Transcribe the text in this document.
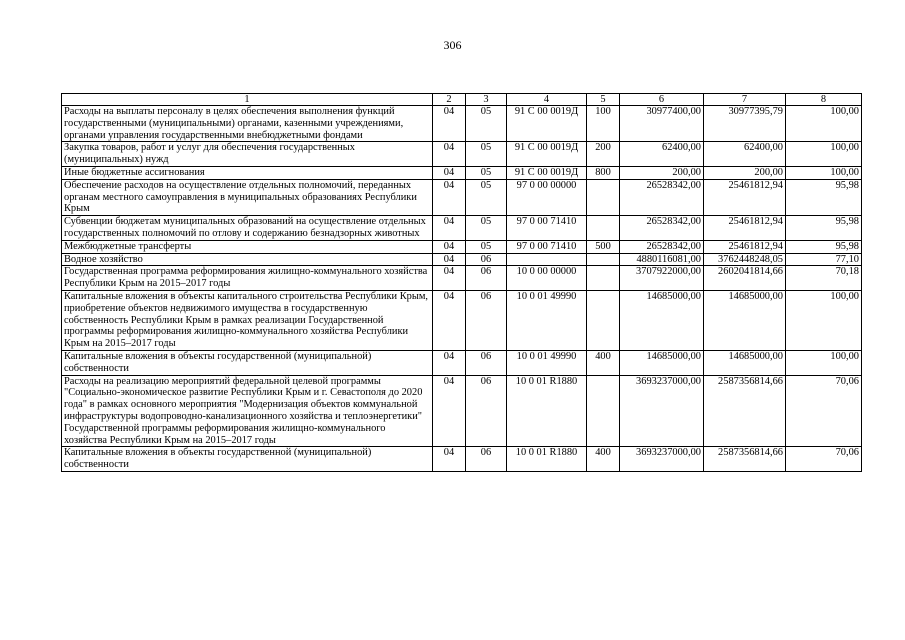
306
1	2	3	4	5	6	7	8
Расходы на выплаты персоналу в целях обеспечения выполнения функций государственными (муниципальными) органами, казенными учреждениями, органами управления государственными внебюджетными фондами	04	05	91 С 00 0019Д	100	30977400,00	30977395,79	100,00
Закупка товаров, работ и услуг для обеспечения государственных (муниципальных) нужд	04	05	91 С 00 0019Д	200	62400,00	62400,00	100,00
Иные бюджетные ассигнования	04	05	91 С 00 0019Д	800	200,00	200,00	100,00
Обеспечение расходов на осуществление отдельных полномочий, переданных органам местного самоуправления в муниципальных образованиях Республики Крым	04	05	97 0 00 00000		26528342,00	25461812,94	95,98
Субвенции бюджетам муниципальных образований на осуществление отдельных государственных полномочий по отлову и содержанию безнадзорных животных	04	05	97 0 00 71410		26528342,00	25461812,94	95,98
Межбюджетные трансферты	04	05	97 0 00 71410	500	26528342,00	25461812,94	95,98
Водное хозяйство	04	06			4880116081,00	3762448248,05	77,10
Государственная программа реформирования жилищно-коммунального хозяйства Республики Крым на 2015–2017 годы	04	06	10 0 00 00000		3707922000,00	2602041814,66	70,18
Капитальные вложения в объекты капитального строительства Республики Крым, приобретение объектов недвижимого имущества в государственную собственность Республики Крым в рамках реализации Государственной программы реформирования жилищно-коммунального хозяйства Республики Крым на 2015–2017 годы	04	06	10 0 01 49990		14685000,00	14685000,00	100,00
Капитальные вложения в объекты государственной (муниципальной) собственности	04	06	10 0 01 49990	400	14685000,00	14685000,00	100,00
Расходы на реализацию мероприятий федеральной целевой программы "Социально-экономическое развитие Республики Крым и г. Севастополя до 2020 года" в рамках основного мероприятия "Модернизация объектов коммунальной инфраструктуры водопроводно-канализационного хозяйства и теплоэнергетики" Государственной программы реформирования жилищно-коммунального хозяйства Республики Крым на 2015–2017 годы	04	06	10 0 01 R1880		3693237000,00	2587356814,66	70,06
Капитальные вложения в объекты государственной (муниципальной) собственности	04	06	10 0 01 R1880	400	3693237000,00	2587356814,66	70,06
